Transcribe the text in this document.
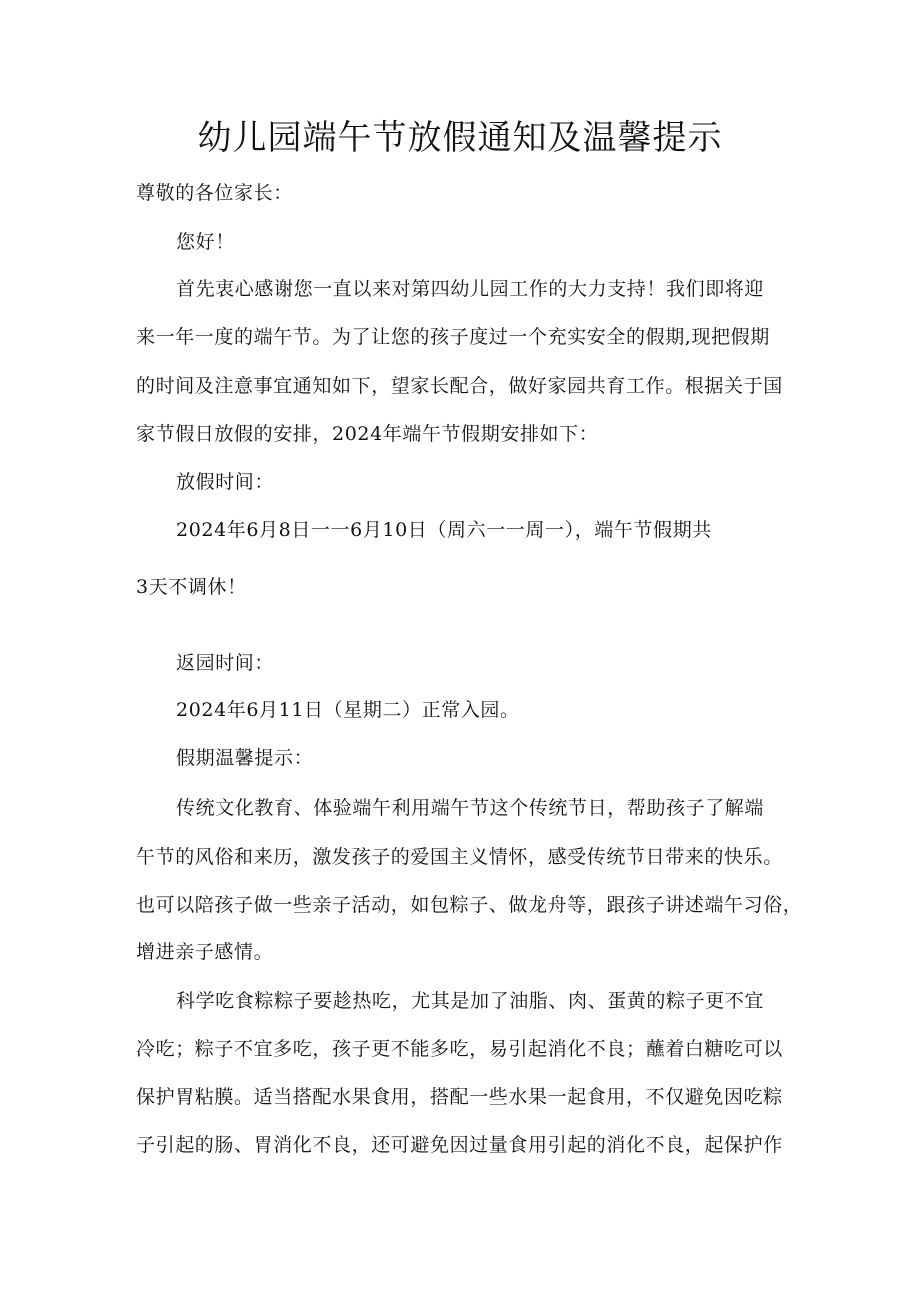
幼儿园端午节放假通知及温馨提示
尊敬的各位家长：
您好！
首先衷心感谢您一直以来对第四幼儿园工作的大力支持！我们即将迎
来一年一度的端午节。为了让您的孩子度过一个充实安全的假期,现把假期
的时间及注意事宜通知如下，望家长配合，做好家园共育工作。根据关于国
家节假日放假的安排，2024年端午节假期安排如下：
放假时间：
2024年6月8日一一6月10日（周六一一周一），端午节假期共
3天不调休！
返园时间：
2024年6月11日（星期二）正常入园。
假期温馨提示：
传统文化教育、体验端午利用端午节这个传统节日，帮助孩子了解端
午节的风俗和来历，激发孩子的爱国主义情怀，感受传统节日带来的快乐。
也可以陪孩子做一些亲子活动，如包粽子、做龙舟等，跟孩子讲述端午习俗，
增进亲子感情。
科学吃食粽粽子要趁热吃，尤其是加了油脂、肉、蛋黄的粽子更不宜
冷吃；粽子不宜多吃，孩子更不能多吃，易引起消化不良；蘸着白糖吃可以
保护胃粘膜。适当搭配水果食用，搭配一些水果一起食用，不仅避免因吃粽
子引起的肠、胃消化不良，还可避免因过量食用引起的消化不良，起保护作
